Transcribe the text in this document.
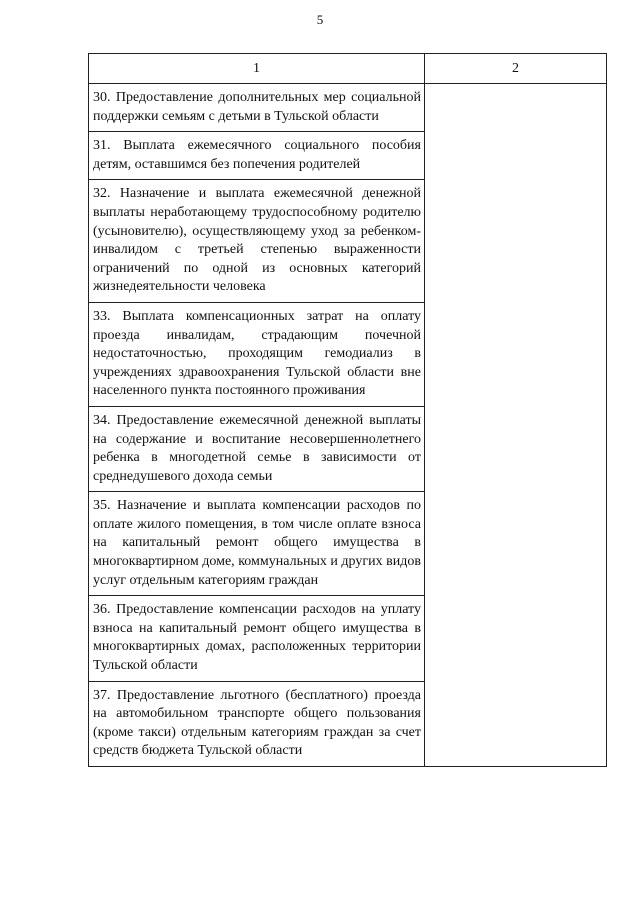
5
1	2
30. Предоставление дополнительных мер социальной поддержки семьям с детьми в Тульской области	
31. Выплата ежемесячного социального пособия детям, оставшимся без попечения родителей	
32. Назначение и выплата ежемесячной денежной выплаты неработающему трудоспособному родителю (усыновителю), осуществляющему уход за ребенком-инвалидом с третьей степенью выраженности ограничений по одной из основных категорий жизнедеятельности человека	
33. Выплата компенсационных затрат на оплату проезда инвалидам, страдающим почечной недостаточностью, проходящим гемодиализ в учреждениях здравоохранения Тульской области вне населенного пункта постоянного проживания	
34. Предоставление ежемесячной денежной выплаты на содержание и воспитание несовершеннолетнего ребенка в многодетной семье в зависимости от среднедушевого дохода семьи	
35. Назначение и выплата компенсации расходов по оплате жилого помещения, в том числе оплате взноса на капитальный ремонт общего имущества в многоквартирном доме, коммунальных и других видов услуг отдельным категориям граждан	
36. Предоставление компенсации расходов на уплату взноса на капитальный ремонт общего имущества в многоквартирных домах, расположенных территории Тульской области	
37. Предоставление льготного (бесплатного) проезда на автомобильном транспорте общего пользования (кроме такси) отдельным категориям граждан за счет средств бюджета Тульской области	
